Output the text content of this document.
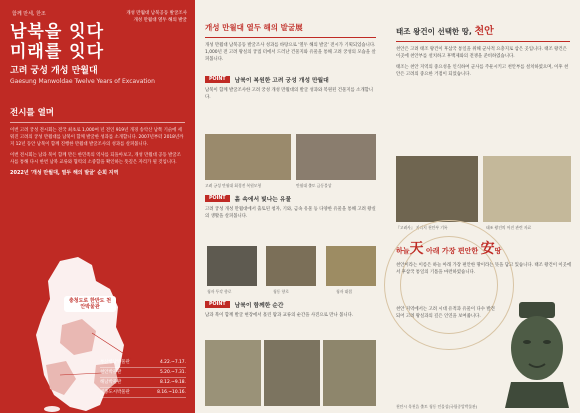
함께 만세, 한조	개성 만월대 남북공동 발굴조사
개성 만월대 열두 해의 발굴
남북을 잇다
미래를 잇다
고려 궁성 개성 만월대
Gaesung Manwoldae Twelve Years of Excavation
전시를 열며

이번 고려 궁성 전시회는 전국 최초로 1,000여 년 전인 919년 개경 송악산 남쪽 기슭에 세워진 고려의 궁성 만월대를 남북이 함께 발굴한 성과를 소개합니다. 2007년부터 2018년까지 12년 동안 남북이 함께 진행한 만월대 발굴조사의 성과를 살펴봅니다.

이번 전시회는 남과 북이 함께 만든 한민족의 역사를 되돌아보고, 개성 만월대 공동 발굴조사를 통해 다시 한번 남북 교류와 협력의 소중함을 확인하는 뜻깊은 자리가 될 것입니다.

2022년 '개성 만월대, 열두 해의 발굴' 순회 지역
충청도로 한반도 천안박물관
부산항남박물관	4.22.~7.17.
천안박물관	5.20.~7.31.
해남박물관	8.12.~9.18.
세종도시박물관	8.16.~10.16.
개성 만월대 열두 해의 발굴展

개성 만월대 남북공동 발굴조사 성과를 바탕으로 '열두 해의 발굴' 전시가 기획되었습니다. 1,000년 전 고려 왕실의 궁궐 터에서 드러난 건물지와 유물을 통해 고려 궁성의 모습을 살펴봅니다.

POINT	남북이 복원한 고려 궁성 개성 만월대

남북이 함께 발굴조사한 고려 궁성 개성 만월대의 발굴 성과와 복원된 건물지를 소개합니다.

고려 궁성 만월대 회경전 복원모형	만월대 출토 금동불상
POINT	흙 속에서 빛나는 유물

고려 궁성 개성 만월대에서 출토된 청자, 기와, 금속 유물 등 다양한 유물을 통해 고려 왕실의 생활을 살펴봅니다.

청자 투각 향로	청동 향로	청자 대접
POINT	남북이 함께한 순간

남과 북이 함께 발굴 현장에서 흘린 땀과 교류의 순간을 사진으로 만나 봅니다.

태조 왕건이 선택한 땅, 천안

천안은 고려 태조 왕건이 후삼국 통일을 위해 군사적 요충지로 삼은 곳입니다. 태조 왕건은 이곳에 천안부를 설치하고 후백제와의 전쟁을 준비하였습니다.

태조는 천안 지역의 중요성을 인식하여 군사를 주둔시키고 천안부를 설치하였으며, 이후 천안은 고려의 중요한 거점이 되었습니다.

『고려사』 지리지 천안부 기록	태조 왕건의 어진 관련 자료
하늘天 아래 가장 편안한 安땅

천안이라는 이름은 하늘 아래 가장 편안한 땅이라는 뜻을 담고 있습니다. 태조 왕건이 이곳에서 후삼국 통일의 기틀을 마련하였습니다.

천안 지역에서는 고려 시대 유적과 유물이 다수 발견되어 고려 왕실과의 깊은 인연을 보여줍니다.

천안시 목천읍 출토 청동 인물상(국립중앙박물관)
